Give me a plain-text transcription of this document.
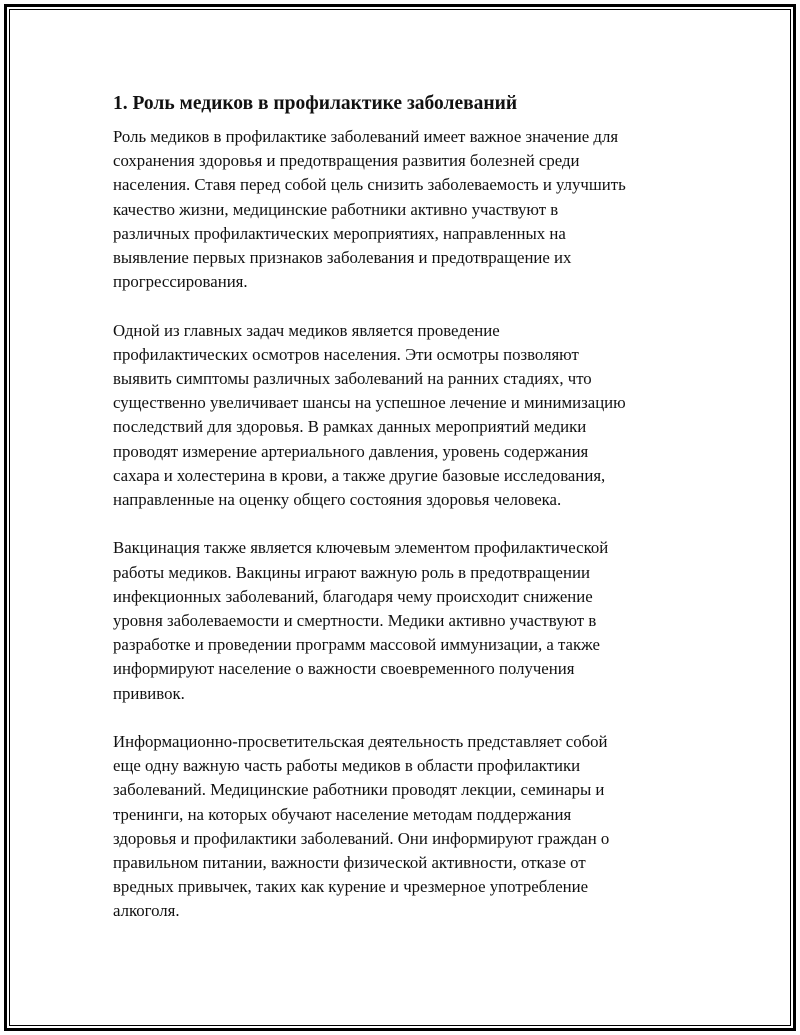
1. Роль медиков в профилактике заболеваний
Роль медиков в профилактике заболеваний имеет важное значение для
сохранения здоровья и предотвращения развития болезней среди
населения. Ставя перед собой цель снизить заболеваемость и улучшить
качество жизни, медицинские работники активно участвуют в
различных профилактических мероприятиях, направленных на
выявление первых признаков заболевания и предотвращение их
прогрессирования.
Одной из главных задач медиков является проведение
профилактических осмотров населения. Эти осмотры позволяют
выявить симптомы различных заболеваний на ранних стадиях, что
существенно увеличивает шансы на успешное лечение и минимизацию
последствий для здоровья. В рамках данных мероприятий медики
проводят измерение артериального давления, уровень содержания
сахара и холестерина в крови, а также другие базовые исследования,
направленные на оценку общего состояния здоровья человека.
Вакцинация также является ключевым элементом профилактической
работы медиков. Вакцины играют важную роль в предотвращении
инфекционных заболеваний, благодаря чему происходит снижение
уровня заболеваемости и смертности. Медики активно участвуют в
разработке и проведении программ массовой иммунизации, а также
информируют население о важности своевременного получения
прививок.
Информационно-просветительская деятельность представляет собой
еще одну важную часть работы медиков в области профилактики
заболеваний. Медицинские работники проводят лекции, семинары и
тренинги, на которых обучают население методам поддержания
здоровья и профилактики заболеваний. Они информируют граждан о
правильном питании, важности физической активности, отказе от
вредных привычек, таких как курение и чрезмерное употребление
алкоголя.
